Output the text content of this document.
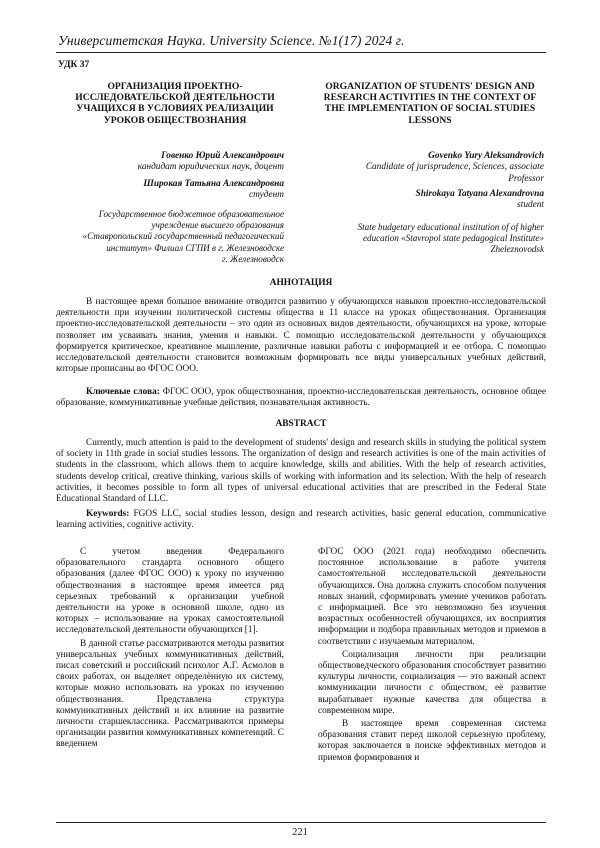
Университетская Наука. University Science. №1(17) 2024 г.
УДК 37
ОРГАНИЗАЦИЯ ПРОЕКТНО-
ИССЛЕДОВАТЕЛЬСКОЙ ДЕЯТЕЛЬНОСТИ
УЧАЩИХСЯ В УСЛОВИЯХ РЕАЛИЗАЦИИ
УРОКОВ ОБЩЕСТВОЗНАНИЯ
ORGANIZATION OF STUDENTS' DESIGN AND
RESEARCH ACTIVITIES IN THE CONTEXT OF
THE IMPLEMENTATION OF SOCIAL STUDIES
LESSONS
Говенко Юрий Александрович
кандидат юридических наук, доцент
Широкая Татьяна Александровна
студент
Государственное бюджетное образовательное
учреждение высшего образования
«Ставропольский государственный педагогический
институт» Филиал СГПИ в г. Железноводске
г. Железноводск
Govenko Yury Aleksandrovich
Candidate of jurisprudence, Sciences, associate
Professor
Shirokaya Tatyana Alexandrovna
student
State budgetary educational institution of of higher
education «Stavropol state pedagogical Institute»
Zheleznovodsk
АННОТАЦИЯ
В настоящее время большое внимание отводится развитию у обучающихся навыков проектно-исследовательской деятельности при изучении политической системы общества в 11 классе на уроках обществознания. Организация проектно-исследовательской деятельности – это один из основных видов деятельности, обучающихся на уроке, которые позволяет им усваивать знания, умения и навыки. С помощью исследовательской деятельности у обучающихся формируется критическое, креативное мышление, различные навыки работы с информацией и ее отбора. С помощью исследовательской деятельности становится возможным формировать все виды универсальных учебных действий, которые прописаны во ФГОС ООО.
Ключевые слова: ФГОС ООО, урок обществознания, проектно-исследовательская деятельность, основное общее образование, коммуникативные учебные действия, познавательная активность.
ABSTRACT
Currently, much attention is paid to the development of students' design and research skills in studying the political system of society in 11th grade in social studies lessons. The organization of design and research activities is one of the main activities of students in the classroom, which allows them to acquire knowledge, skills and abilities. With the help of research activities, students develop critical, creative thinking, various skills of working with information and its selection. With the help of research activities, it becomes possible to form all types of universal educational activities that are prescribed in the Federal State Educational Standard of LLC.
Keywords: FGOS LLC, social studies lesson, design and research activities, basic general education, communicative learning activities, cognitive activity.

С учетом введения Федерального образовательного стандарта основного общего образования (далее ФГОС ООО) к уроку по изучению обществознания в настоящее время имеется ряд серьезных требований к организации учебной деятельности на уроке в основной школе, одно из которых – использование на уроках самостоятельной исследовательской деятельности обучающихся [1].

В данной статье рассматриваются методы развития универсальных учебных коммуникативных действий, писал советский и российский психолог А.Г. Асмолов в своих работах, он выделяет определённую их систему, которые можно использовать на уроках по изучению обществознания. Представлена структура коммуникативных действий и их влияние на развитие личности старшеклассника. Рассматриваются примеры организации развития коммуникативных компетенций. С введением

ФГОС ООО (2021 года) необходимо обеспечить постоянное использование в работе учителя самостоятельной исследовательской деятельности обучающихся. Она должна служить способом получения новых знаний, сформировать умение учеников работать с информацией. Все это невозможно без изучения возрастных особенностей обучающихся, их восприятия информации и подбора правильных методов и приемов в соответствии с изучаемым материалом.

Социализация личности при реализации обществоведческого образования способствует развитию культуры личности, социализация — это важный аспект коммуникации личности с обществом, её развитие вырабатывает нужные качества для общества в современном мире.

В настоящее время современная система образования ставит перед школой серьезную проблему, которая заключается в поиске эффективных методов и приемов формирования и

221
